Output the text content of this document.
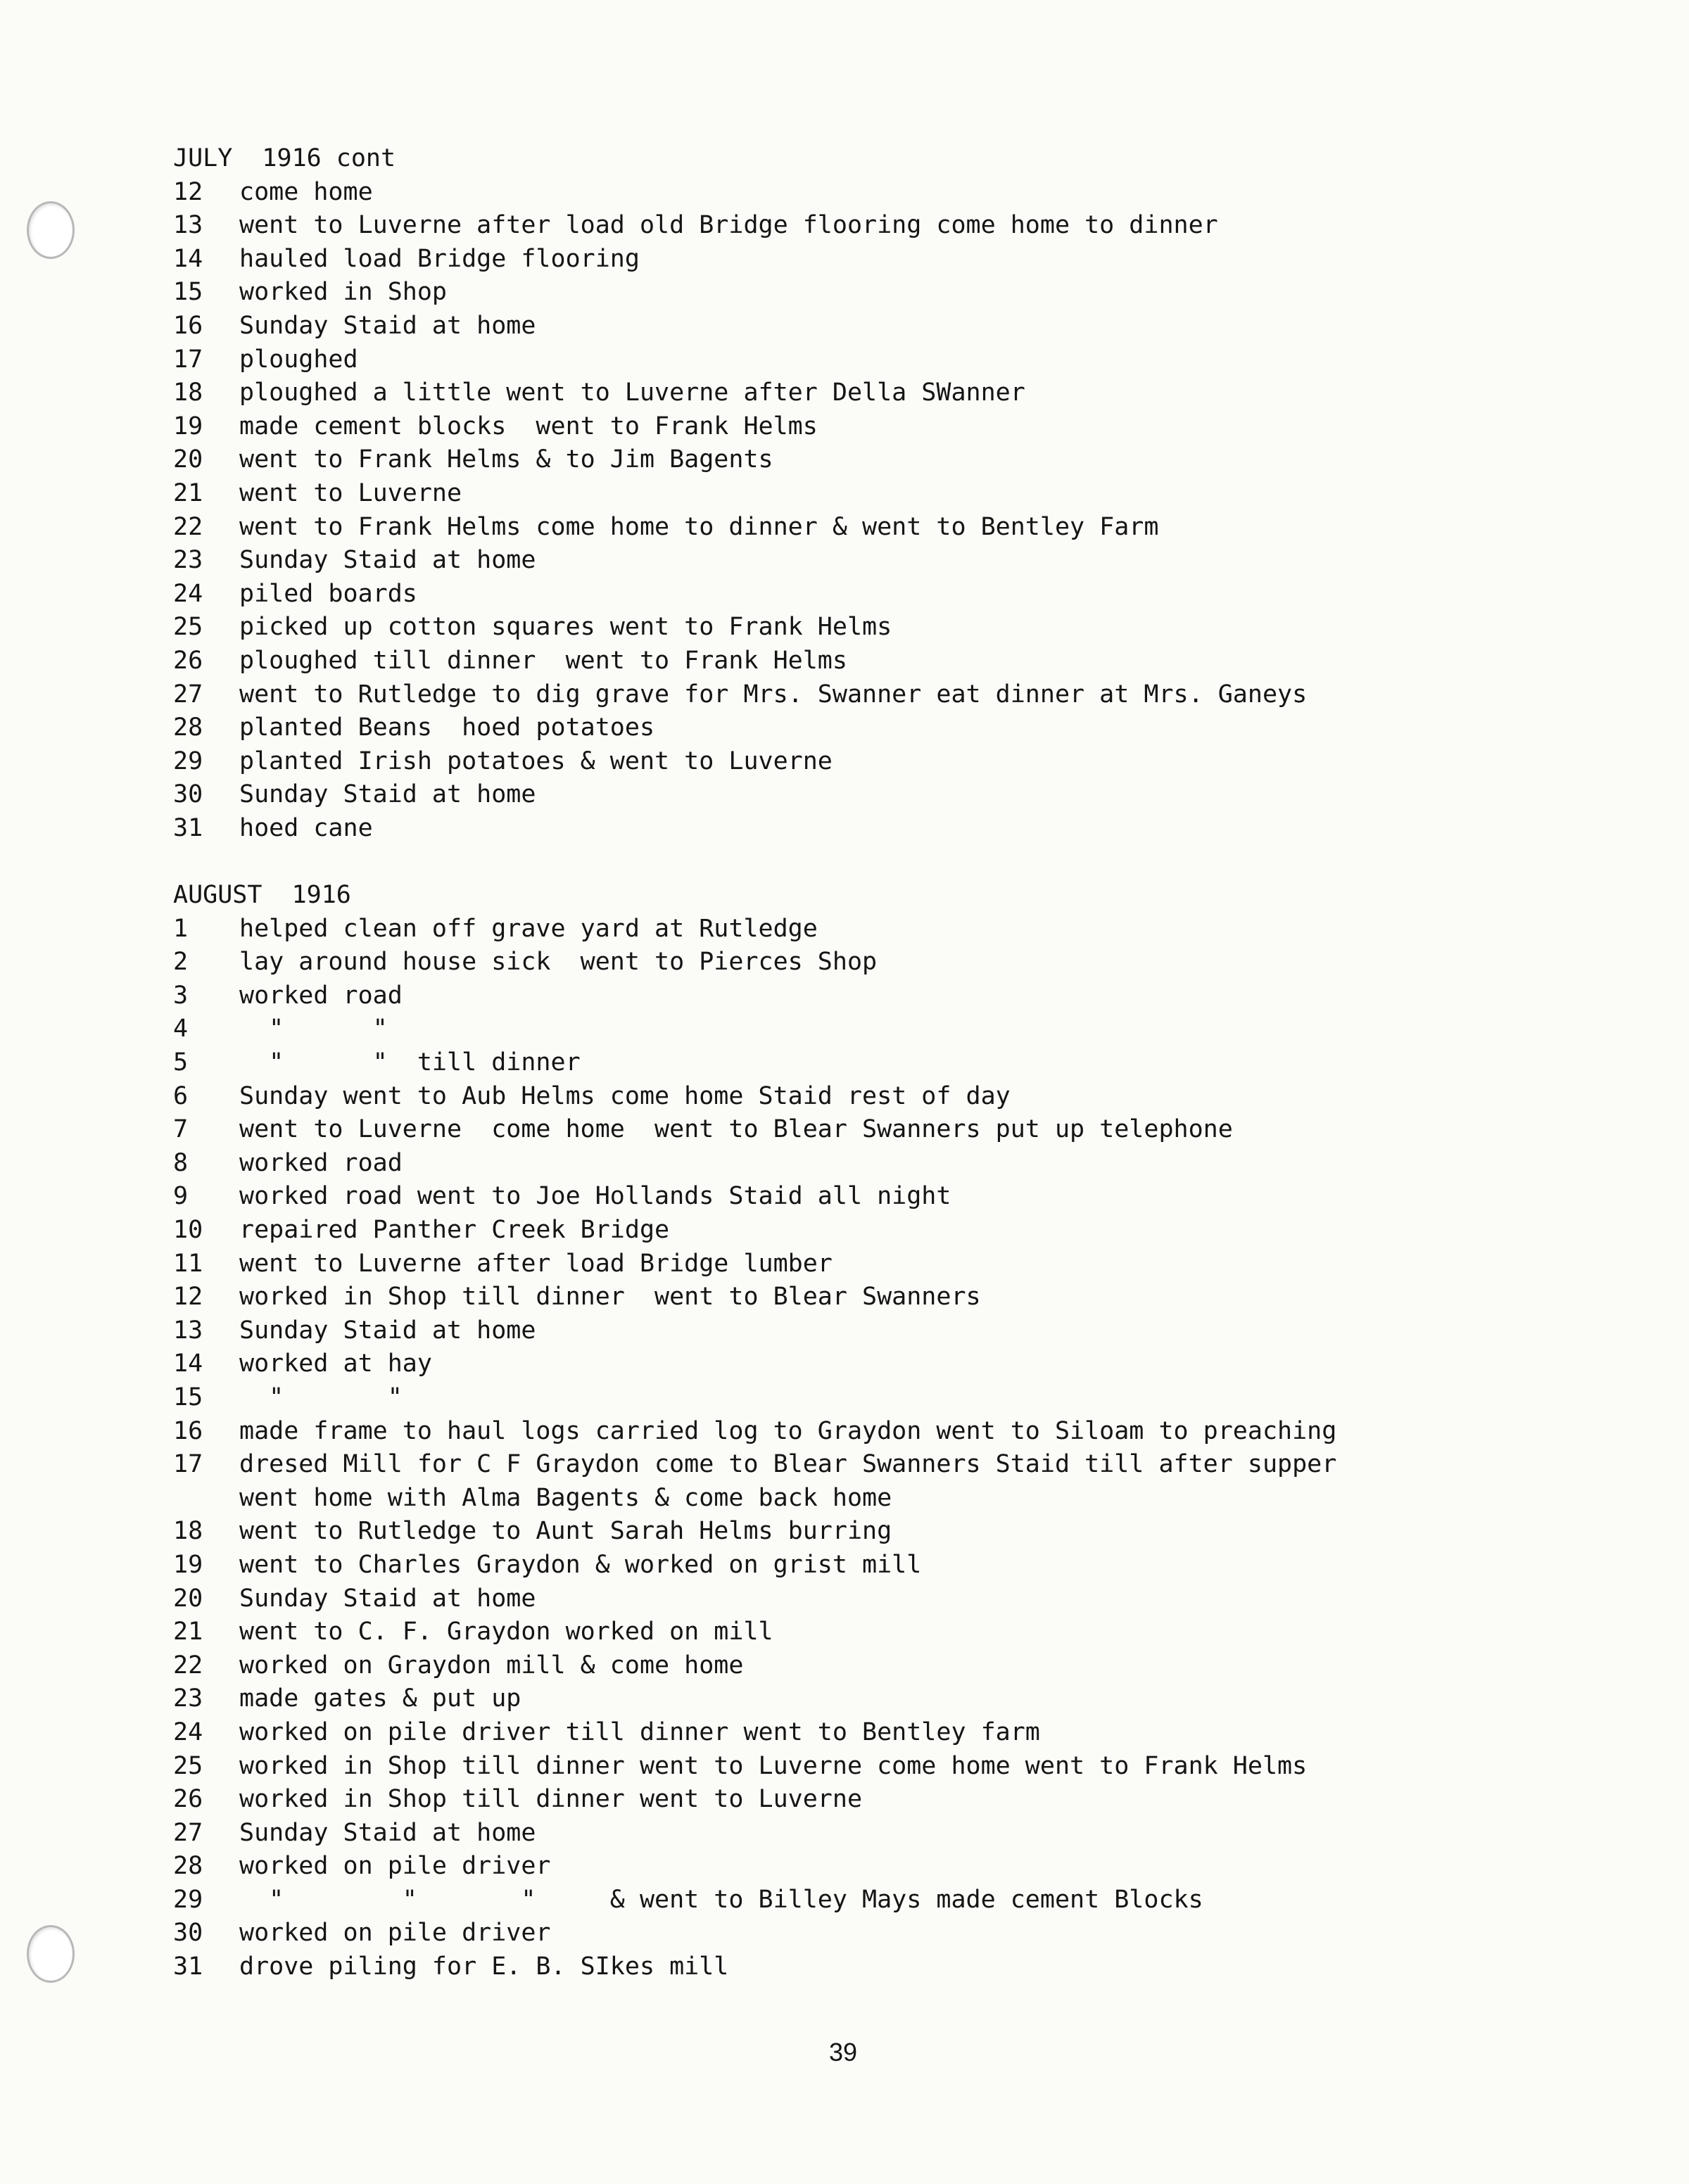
JULY  1916 cont
12	come home
13	went to Luverne after load old Bridge flooring come home to dinner
14	hauled load Bridge flooring
15	worked in Shop
16	Sunday Staid at home
17	ploughed
18	ploughed a little went to Luverne after Della SWanner
19	made cement blocks  went to Frank Helms
20	went to Frank Helms & to Jim Bagents
21	went to Luverne
22	went to Frank Helms come home to dinner & went to Bentley Farm
23	Sunday Staid at home
24	piled boards
25	picked up cotton squares went to Frank Helms
26	ploughed till dinner  went to Frank Helms
27	went to Rutledge to dig grave for Mrs. Swanner eat dinner at Mrs. Ganeys
28	planted Beans  hoed potatoes
29	planted Irish potatoes & went to Luverne
30	Sunday Staid at home
31	hoed cane
AUGUST  1916
1	helped clean off grave yard at Rutledge
2	lay around house sick  went to Pierces Shop
3	worked road
4	"      "
5	"      "  till dinner
6	Sunday went to Aub Helms come home Staid rest of day
7	went to Luverne  come home  went to Blear Swanners put up telephone
8	worked road
9	worked road went to Joe Hollands Staid all night
10	repaired Panther Creek Bridge
11	went to Luverne after load Bridge lumber
12	worked in Shop till dinner  went to Blear Swanners
13	Sunday Staid at home
14	worked at hay
15	"       "
16	made frame to haul logs carried log to Graydon went to Siloam to preaching
17	dresed Mill for C F Graydon come to Blear Swanners Staid till after supper
went home with Alma Bagents & come back home
18	went to Rutledge to Aunt Sarah Helms burring
19	went to Charles Graydon & worked on grist mill
20	Sunday Staid at home
21	went to C. F. Graydon worked on mill
22	worked on Graydon mill & come home
23	made gates & put up
24	worked on pile driver till dinner went to Bentley farm
25	worked in Shop till dinner went to Luverne come home went to Frank Helms
26	worked in Shop till dinner went to Luverne
27	Sunday Staid at home
28	worked on pile driver
29	"        "       "     & went to Billey Mays made cement Blocks
30	worked on pile driver
31	drove piling for E. B. SIkes mill
39
